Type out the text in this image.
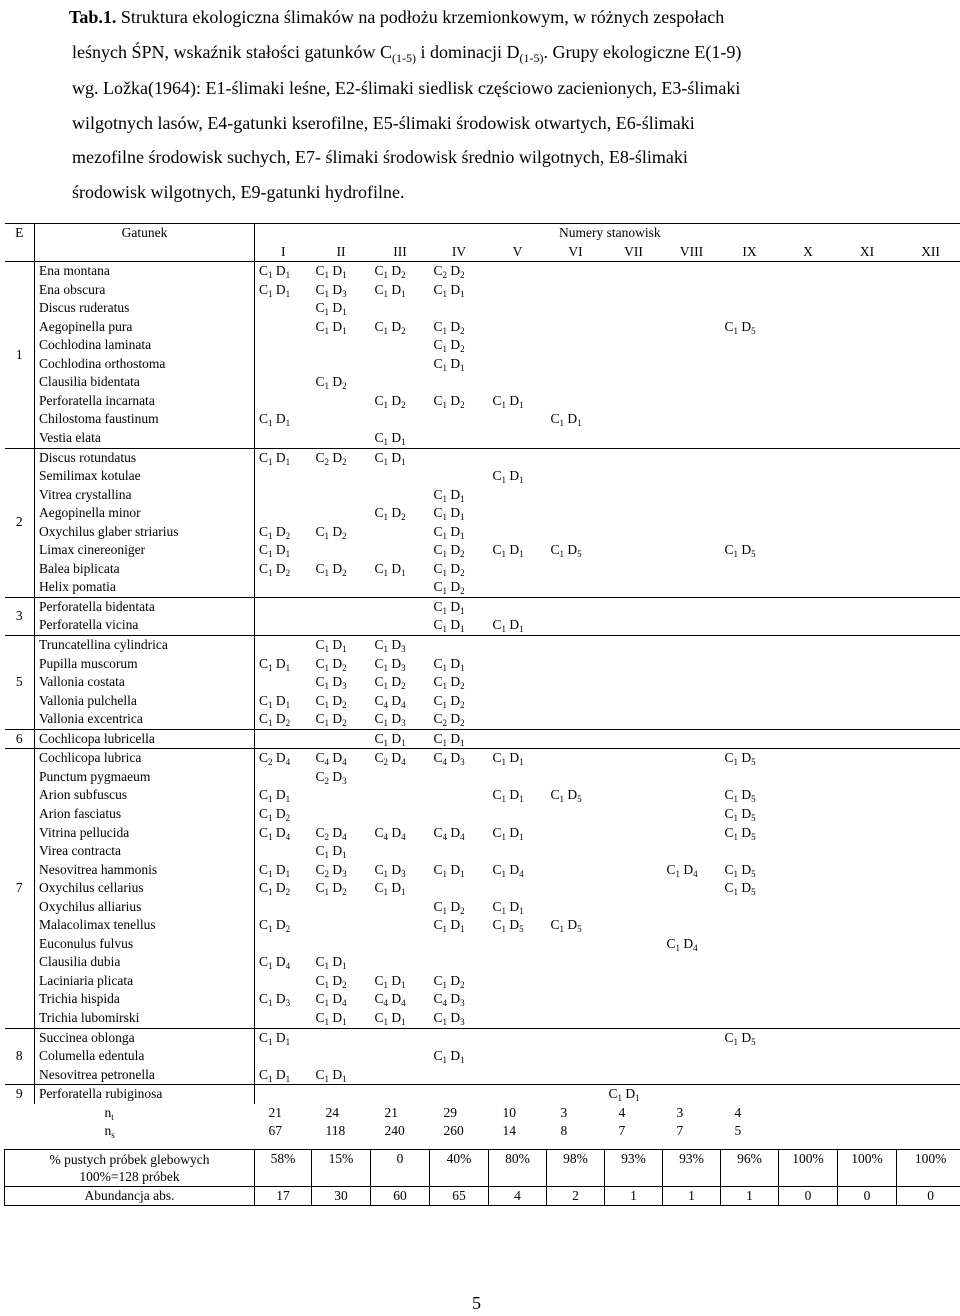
Tab.1. Struktura ekologiczna ślimaków na podłożu krzemionkowym, w różnych zespołach
leśnych ŚPN, wskaźnik stałości gatunków $C_{(1-5)}$ i dominacji $D_{(1-5)}$. Grupy ekologiczne E(1-9)
wg. Ložka(1964): E1-ślimaki leśne, E2-ślimaki siedlisk częściowo zacienionych, E3-ślimaki
wilgotnych lasów, E4-gatunki kserofilne, E5-ślimaki środowisk otwartych, E6-ślimaki
mezofilne środowisk suchych, E7- ślimaki środowisk średnio wilgotnych, E8-ślimaki
środowisk wilgotnych, E9-gatunki hydrofilne.
E	Gatunek	Numery stanowisk											
		I	II	III	IV	V	VI	VII	VIII	IX	X	XI	XII
1	Ena montana	$C_1$ $D_1$	$C_1$ $D_1$	$C_1$ $D_2$	$C_2$ $D_2$								
	Ena obscura	$C_1$ $D_1$	$C_1$ $D_3$	$C_1$ $D_1$	$C_1$ $D_1$								
	Discus ruderatus		$C_1$ $D_1$										
	Aegopinella pura		$C_1$ $D_1$	$C_1$ $D_2$	$C_1$ $D_2$					$C_1$ $D_5$			
	Cochlodina laminata				$C_1$ $D_2$								
	Cochlodina orthostoma				$C_1$ $D_1$								
	Clausilia bidentata		$C_1$ $D_2$										
	Perforatella incarnata			$C_1$ $D_2$	$C_1$ $D_2$	$C_1$ $D_1$							
	Chilostoma faustinum	$C_1$ $D_1$					$C_1$ $D_1$						
	Vestia elata			$C_1$ $D_1$									
2	Discus rotundatus	$C_1$ $D_1$	$C_2$ $D_2$	$C_1$ $D_1$									
	Semilimax kotulae					$C_1$ $D_1$							
	Vitrea crystallina				$C_1$ $D_1$								
	Aegopinella minor			$C_1$ $D_2$	$C_1$ $D_1$								
	Oxychilus glaber striarius	$C_1$ $D_2$	$C_1$ $D_2$		$C_1$ $D_1$								
	Limax cinereoniger	$C_1$ $D_1$			$C_1$ $D_2$	$C_1$ $D_1$	$C_1$ $D_5$			$C_1$ $D_5$			
	Balea biplicata	$C_1$ $D_2$	$C_1$ $D_2$	$C_1$ $D_1$	$C_1$ $D_2$								
	Helix pomatia				$C_1$ $D_2$								
3	Perforatella bidentata				$C_1$ $D_1$								
	Perforatella vicina				$C_1$ $D_1$	$C_1$ $D_1$							
5	Truncatellina cylindrica		$C_1$ $D_1$	$C_1$ $D_3$									
	Pupilla muscorum	$C_1$ $D_1$	$C_1$ $D_2$	$C_1$ $D_3$	$C_1$ $D_1$								
	Vallonia costata		$C_1$ $D_3$	$C_1$ $D_2$	$C_1$ $D_2$								
	Vallonia pulchella	$C_1$ $D_1$	$C_1$ $D_2$	$C_4$ $D_4$	$C_1$ $D_2$								
	Vallonia excentrica	$C_1$ $D_2$	$C_1$ $D_2$	$C_1$ $D_3$	$C_2$ $D_2$								
6	Cochlicopa lubricella			$C_1$ $D_1$	$C_1$ $D_1$								
7	Cochlicopa lubrica	$C_2$ $D_4$	$C_4$ $D_4$	$C_2$ $D_4$	$C_4$ $D_3$	$C_1$ $D_1$				$C_1$ $D_5$			
	Punctum pygmaeum		$C_2$ $D_3$										
	Arion subfuscus	$C_1$ $D_1$				$C_1$ $D_1$	$C_1$ $D_5$			$C_1$ $D_5$			
	Arion fasciatus	$C_1$ $D_2$								$C_1$ $D_5$			
	Vitrina pellucida	$C_1$ $D_4$	$C_2$ $D_4$	$C_4$ $D_4$	$C_4$ $D_4$	$C_1$ $D_1$				$C_1$ $D_5$			
	Virea contracta		$C_1$ $D_1$										
	Nesovitrea hammonis	$C_1$ $D_1$	$C_2$ $D_3$	$C_1$ $D_3$	$C_1$ $D_1$	$C_1$ $D_4$			$C_1$ $D_4$	$C_1$ $D_5$			
	Oxychilus cellarius	$C_1$ $D_2$	$C_1$ $D_2$	$C_1$ $D_1$						$C_1$ $D_5$			
	Oxychilus alliarius				$C_1$ $D_2$	$C_1$ $D_1$							
	Malacolimax tenellus	$C_1$ $D_2$			$C_1$ $D_1$	$C_1$ $D_5$	$C_1$ $D_5$						
	Euconulus fulvus								$C_1$ $D_4$				
	Clausilia dubia	$C_1$ $D_4$	$C_1$ $D_1$										
	Laciniaria plicata		$C_1$ $D_2$	$C_1$ $D_1$	$C_1$ $D_2$								
	Trichia hispida	$C_1$ $D_3$	$C_1$ $D_4$	$C_4$ $D_4$	$C_4$ $D_3$								
	Trichia lubomirski		$C_1$ $D_1$	$C_1$ $D_1$	$C_1$ $D_3$								
8	Succinea oblonga	$C_1$ $D_1$								$C_1$ $D_5$			
	Columella edentula				$C_1$ $D_1$								
	Nesovitrea petronella	$C_1$ $D_1$	$C_1$ $D_1$										
9	Perforatella rubiginosa							$C_1$ $D_1$					
	$n_t$	21	24	21	29	10	3	4	3	4			
	$n_s$	67	118	240	260	14	8	7	7	5			

% pustych próbek glebowych
100%=128 próbek		58%	15%	0	40%	80%	98%	93%	93%	96%	100%	100%	100%
Abundancja abs.		17	30	60	65	4	2	1	1	1	0	0	0
5
